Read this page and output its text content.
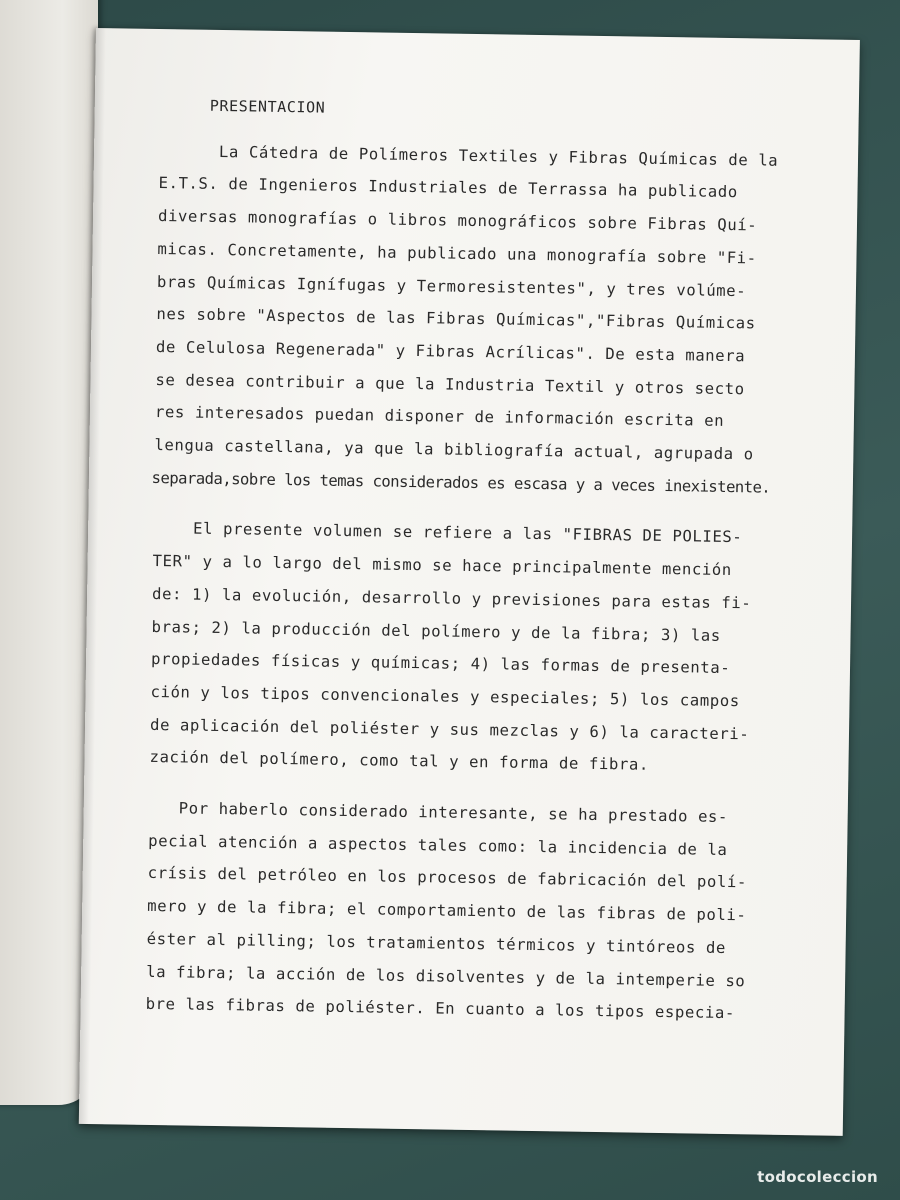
PRESENTACION
La Cátedra de Polímeros Textiles y Fibras Químicas de la
E.T.S. de Ingenieros Industriales de Terrassa ha publicado
diversas monografías o libros monográficos sobre Fibras Quí-
micas. Concretamente, ha publicado una monografía sobre "Fi-
bras Químicas Ignífugas y Termoresistentes", y tres volúme-
nes sobre "Aspectos de las Fibras Químicas","Fibras Químicas
de Celulosa Regenerada" y Fibras Acrílicas". De esta manera
se desea contribuir a que la Industria Textil y otros secto
res interesados puedan disponer de información escrita en
lengua castellana, ya que la bibliografía actual, agrupada o
separada,sobre los temas considerados es escasa y a veces inexistente.
El presente volumen se refiere a las "FIBRAS DE POLIES-
TER" y a lo largo del mismo se hace principalmente mención
de: 1) la evolución, desarrollo y previsiones para estas fi-
bras; 2) la producción del polímero y de la fibra; 3) las
propiedades físicas y químicas; 4) las formas de presenta-
ción y los tipos convencionales y especiales; 5) los campos
de aplicación del poliéster y sus mezclas y 6) la caracteri-
zación del polímero, como tal y en forma de fibra.
Por haberlo considerado interesante, se ha prestado es-
pecial atención a aspectos tales como: la incidencia de la
crísis del petróleo en los procesos de fabricación del polí-
mero y de la fibra; el comportamiento de las fibras de poli-
éster al pilling; los tratamientos térmicos y tintóreos de
la fibra; la acción de los disolventes y de la intemperie so
bre las fibras de poliéster. En cuanto a los tipos especia-
todocoleccion
